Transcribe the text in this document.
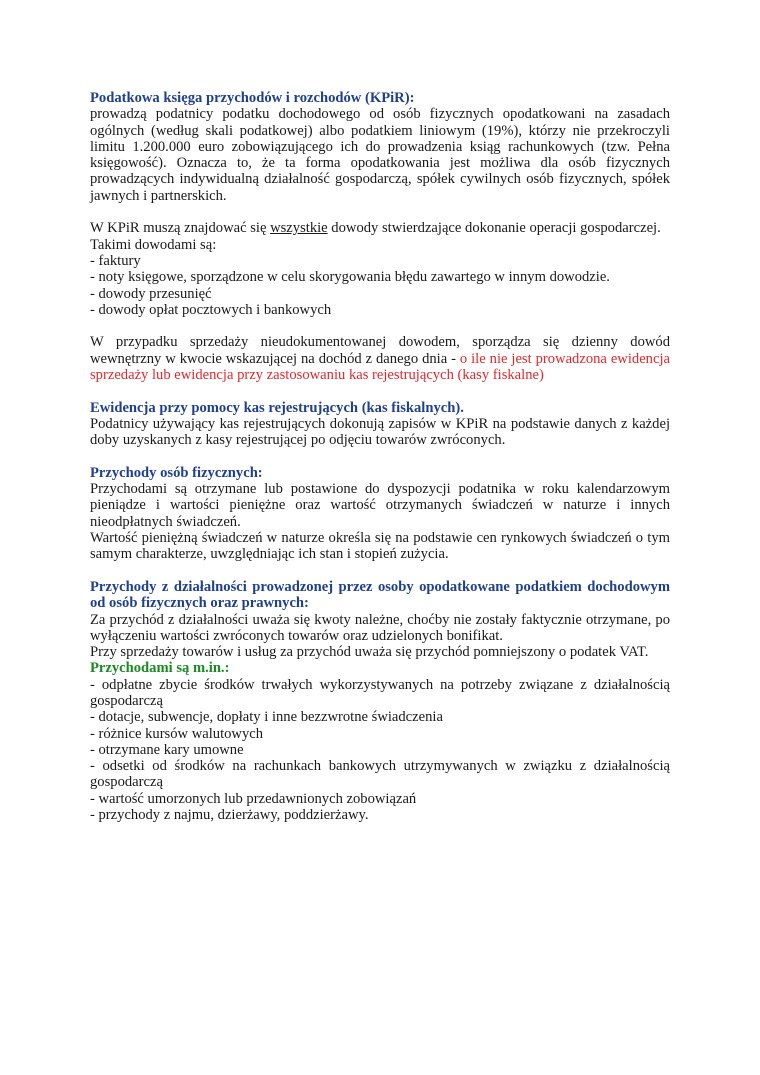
Podatkowa księga przychodów i rozchodów (KPiR):

prowadzą podatnicy podatku dochodowego od osób fizycznych opodatkowani na zasadach ogólnych (według skali podatkowej) albo podatkiem liniowym (19%), którzy nie przekroczyli limitu 1.200.000 euro zobowiązującego ich do prowadzenia ksiąg rachunkowych (tzw. Pełna księgowość). Oznacza to, że ta forma opodatkowania jest możliwa dla osób fizycznych prowadzących indywidualną działalność gospodarczą, spółek cywilnych osób fizycznych, spółek jawnych i partnerskich.

W KPiR muszą znajdować się wszystkie dowody stwierdzające dokonanie operacji gospodarczej.

Takimi dowodami są:

- faktury

- noty księgowe, sporządzone w celu skorygowania błędu zawartego w innym dowodzie.

- dowody przesunięć

- dowody opłat pocztowych i bankowych

W przypadku sprzedaży nieudokumentowanej dowodem, sporządza się dzienny dowód wewnętrzny w kwocie wskazującej na dochód z danego dnia - o ile nie jest prowadzona ewidencja sprzedaży lub ewidencja przy zastosowaniu kas rejestrujących (kasy fiskalne)

Ewidencja przy pomocy kas rejestrujących (kas fiskalnych).

Podatnicy używający kas rejestrujących dokonują zapisów w KPiR na podstawie danych z każdej doby uzyskanych z kasy rejestrującej po odjęciu towarów zwróconych.

Przychody osób fizycznych:

Przychodami są otrzymane lub postawione do dyspozycji podatnika w roku kalendarzowym pieniądze i wartości pieniężne oraz wartość otrzymanych świadczeń w naturze i innych nieodpłatnych świadczeń.

Wartość pieniężną świadczeń w naturze określa się na podstawie cen rynkowych świadczeń o tym samym charakterze, uwzględniając ich stan i stopień zużycia.

Przychody z działalności prowadzonej przez osoby opodatkowane podatkiem dochodowym od osób fizycznych oraz prawnych:

Za przychód z działalności uważa się kwoty należne, choćby nie zostały faktycznie otrzymane, po wyłączeniu wartości zwróconych towarów oraz udzielonych bonifikat.

Przy sprzedaży towarów i usług za przychód uważa się przychód pomniejszony o podatek VAT.

Przychodami są m.in.:

- odpłatne zbycie środków trwałych wykorzystywanych na potrzeby związane z działalnością gospodarczą

- dotacje, subwencje, dopłaty i inne bezzwrotne świadczenia

- różnice kursów walutowych

- otrzymane kary umowne

- odsetki od środków na rachunkach bankowych utrzymywanych w związku z działalnością gospodarczą

- wartość umorzonych lub przedawnionych zobowiązań

- przychody z najmu, dzierżawy, poddzierżawy.
